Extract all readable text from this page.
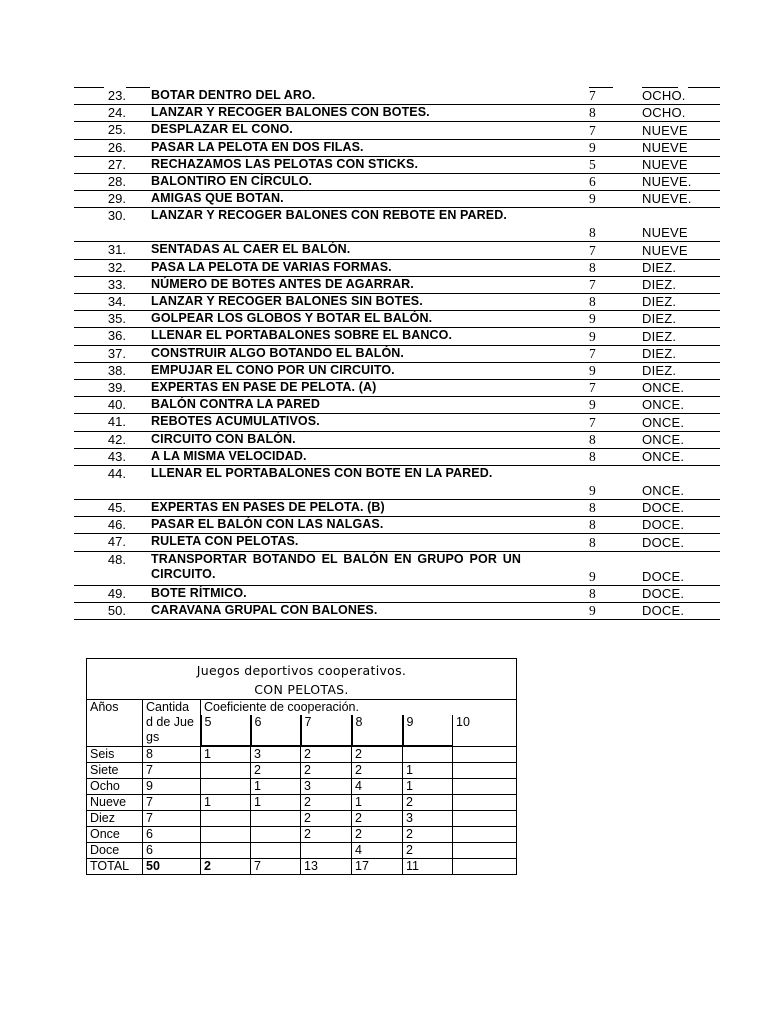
23. BOTAR DENTRO DEL ARO.	7	OCHO.
24. LANZAR Y RECOGER BALONES CON BOTES.	8	OCHO.
25. DESPLAZAR EL CONO.	7	NUEVE
26. PASAR LA PELOTA EN DOS FILAS.	9	NUEVE
27. RECHAZAMOS LAS PELOTAS CON STICKS.	5	NUEVE
28. BALONTIRO EN CÍRCULO.	6	NUEVE.
29. AMIGAS QUE BOTAN.	9	NUEVE.
30. LANZAR Y RECOGER BALONES CON REBOTE EN PARED.
8	NUEVE
31. SENTADAS AL CAER EL BALÓN.	7	NUEVE
32. PASA LA PELOTA DE VARIAS FORMAS.	8	DIEZ.
33. NÚMERO DE BOTES ANTES DE AGARRAR.	7	DIEZ.
34. LANZAR Y RECOGER BALONES SIN BOTES.	8	DIEZ.
35. GOLPEAR LOS GLOBOS Y BOTAR EL BALÓN.	9	DIEZ.
36. LLENAR EL PORTABALONES SOBRE EL BANCO.	9	DIEZ.
37. CONSTRUIR ALGO BOTANDO EL BALÓN.	7	DIEZ.
38. EMPUJAR EL CONO POR UN CIRCUITO.	9	DIEZ.
39. EXPERTAS EN PASE DE PELOTA. (A)	7	ONCE.
40. BALÓN CONTRA LA PARED	9	ONCE.
41. REBOTES ACUMULATIVOS.	7	ONCE.
42. CIRCUITO CON BALÓN.	8	ONCE.
43. A LA MISMA VELOCIDAD.	8	ONCE.
44. LLENAR EL PORTABALONES CON BOTE EN LA PARED.
9	ONCE.
45. EXPERTAS EN PASES DE PELOTA. (B)	8	DOCE.
46. PASAR EL BALÓN CON LAS NALGAS.	8	DOCE.
47. RULETA CON PELOTAS.	8	DOCE.
48. TRANSPORTAR BOTANDO EL BALÓN EN GRUPO POR UN CIRCUITO.	9	DOCE.
49. BOTE RÍTMICO.	8	DOCE.
50. CARAVANA GRUPAL CON BALONES.	9	DOCE.
Juegos deportivos cooperativos.
CON PELOTAS.							
Años	Cantida d de Juegs	Coeficiente de cooperación.					
		5	6	7	8	9	10
Seis	8	1	3	2	2		
Siete	7		2	2	2	1	
Ocho	9		1	3	4	1	
Nueve	7	1	1	2	1	2	
Diez	7			2	2	3	
Once	6			2	2	2	
Doce	6				4	2	
TOTAL	50	2	7	13	17	11	
